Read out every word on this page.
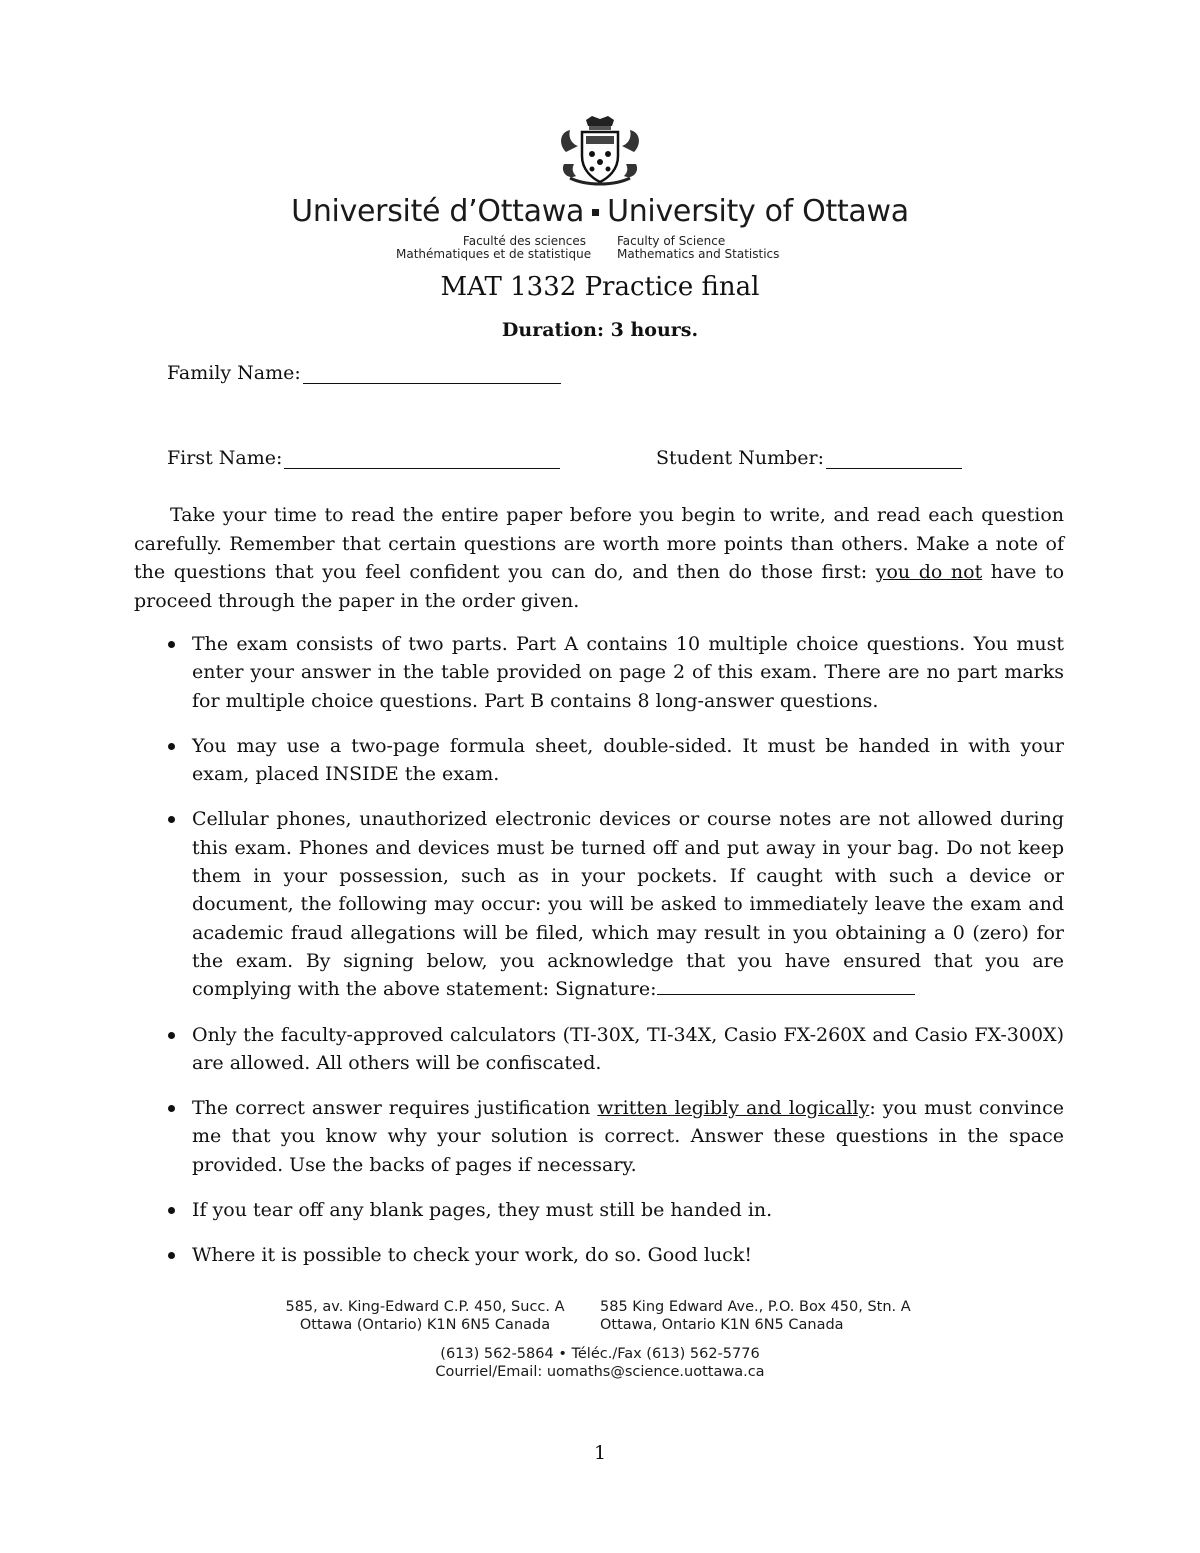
Université d’Ottawa University of Ottawa
Faculté des sciences
Mathématiques et de statistique
Faculty of Science
Mathematics and Statistics
MAT 1332 Practice final
Duration: 3 hours.
Family Name:
First Name:	Student Number:

Take your time to read the entire paper before you begin to write, and read each question carefully. Remember that certain questions are worth more points than others. Make a note of the questions that you feel confident you can do, and then do those first: you do not have to proceed through the paper in the order given.

The exam consists of two parts. Part A contains 10 multiple choice questions. You must enter your answer in the table provided on page 2 of this exam. There are no part marks for multiple choice questions. Part B contains 8 long-answer questions.
You may use a two-page formula sheet, double-sided. It must be handed in with your exam, placed INSIDE the exam.
Cellular phones, unauthorized electronic devices or course notes are not allowed during this exam. Phones and devices must be turned off and put away in your bag. Do not keep them in your possession, such as in your pockets. If caught with such a device or document, the following may occur: you will be asked to immediately leave the exam and academic fraud allegations will be filed, which may result in you obtaining a 0 (zero) for the exam. By signing below, you acknowledge that you have ensured that you are complying with the above statement: Signature:
Only the faculty-approved calculators (TI-30X, TI-34X, Casio FX-260X and Casio FX-300X) are allowed. All others will be confiscated.
The correct answer requires justification written legibly and logically: you must convince me that you know why your solution is correct. Answer these questions in the space provided. Use the backs of pages if necessary.
If you tear off any blank pages, they must still be handed in.
Where it is possible to check your work, do so. Good luck!
585, av. King-Edward C.P. 450, Succ. A
Ottawa (Ontario) K1N 6N5 Canada
585 King Edward Ave., P.O. Box 450, Stn. A
Ottawa, Ontario K1N 6N5 Canada
(613) 562-5864 • Téléc./Fax (613) 562-5776
Courriel/Email: uomaths@science.uottawa.ca
1
